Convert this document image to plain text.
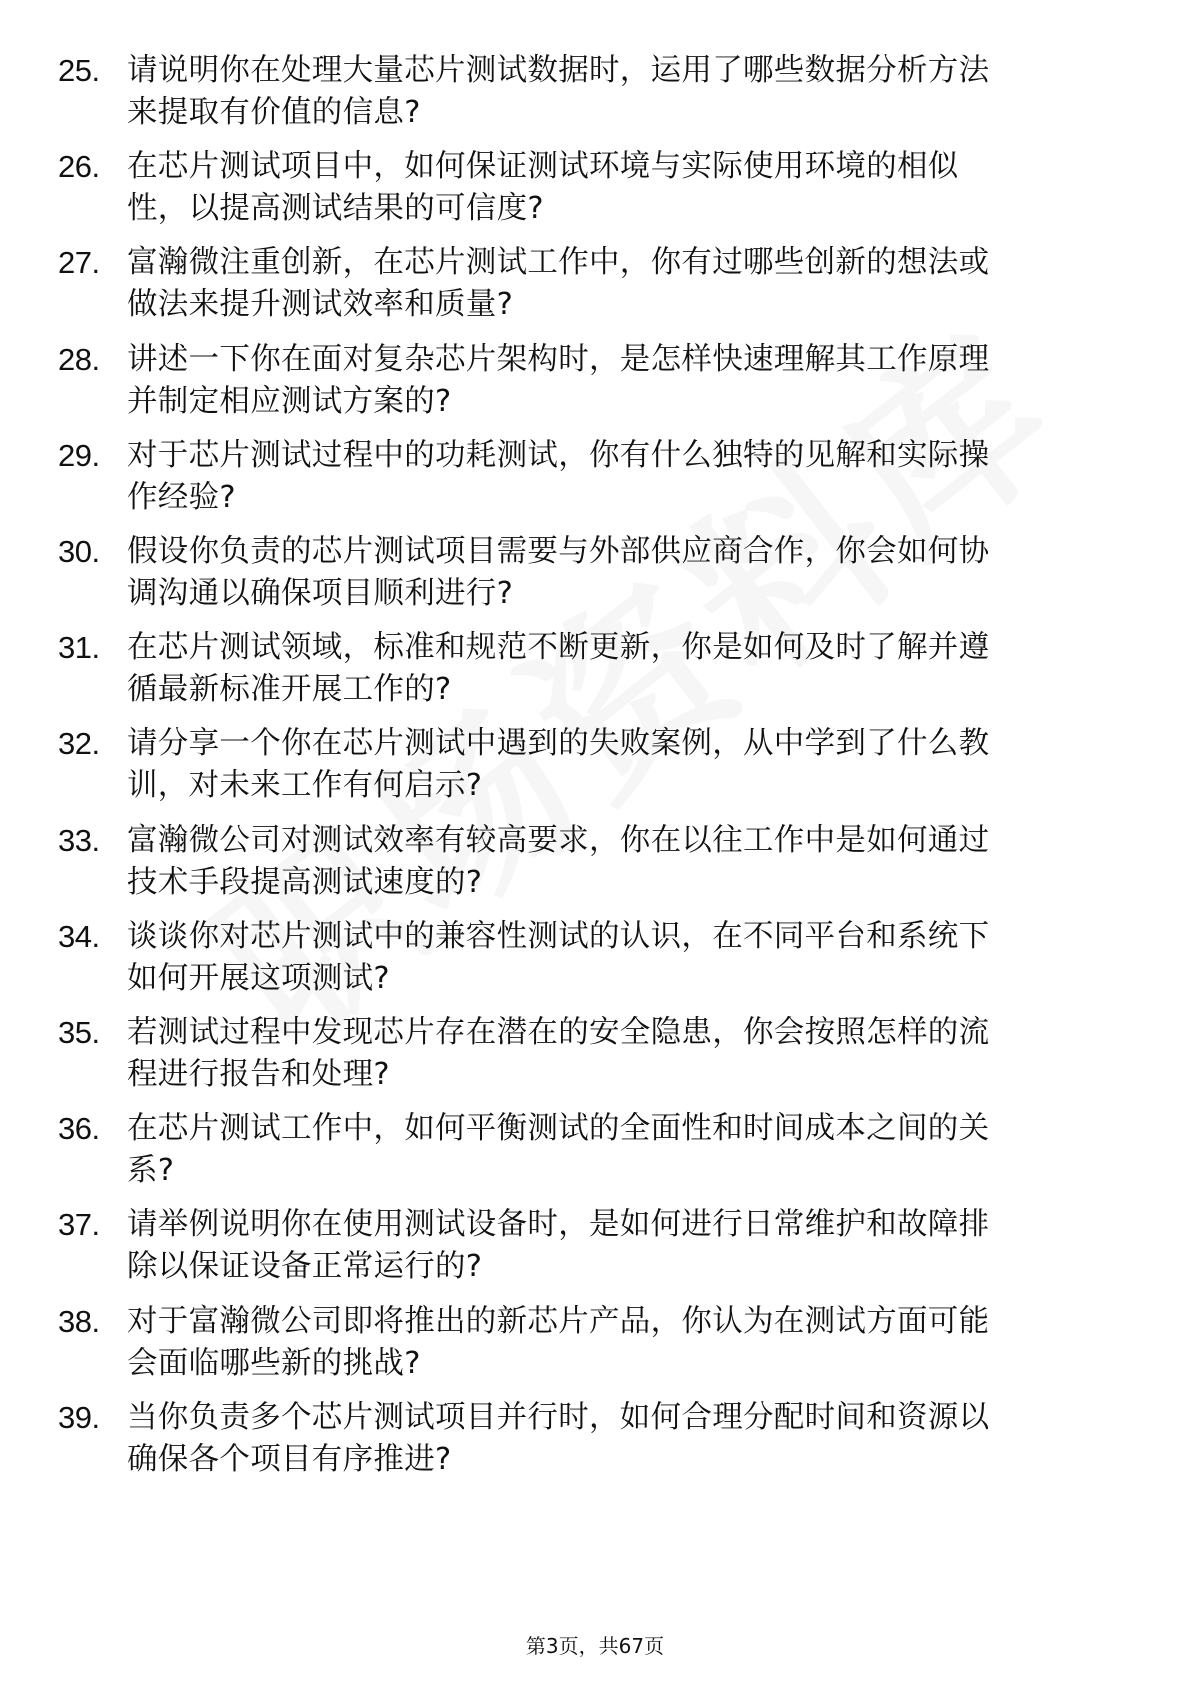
25. 请说明你在处理大量芯片测试数据时，运用了哪些数据分析方法
来提取有价值的信息?
26. 在芯片测试项目中，如何保证测试环境与实际使用环境的相似
性，以提高测试结果的可信度?
27. 富瀚微注重创新，在芯片测试工作中，你有过哪些创新的想法或
做法来提升测试效率和质量?
28. 讲述一下你在面对复杂芯片架构时，是怎样快速理解其工作原理
并制定相应测试方案的?
29. 对于芯片测试过程中的功耗测试，你有什么独特的见解和实际操
作经验?
30. 假设你负责的芯片测试项目需要与外部供应商合作，你会如何协
调沟通以确保项目顺利进行?
31. 在芯片测试领域，标准和规范不断更新，你是如何及时了解并遵
循最新标准开展工作的?
32. 请分享一个你在芯片测试中遇到的失败案例，从中学到了什么教
训，对未来工作有何启示?
33. 富瀚微公司对测试效率有较高要求，你在以往工作中是如何通过
技术手段提高测试速度的?
34. 谈谈你对芯片测试中的兼容性测试的认识，在不同平台和系统下
如何开展这项测试?
35. 若测试过程中发现芯片存在潜在的安全隐患，你会按照怎样的流
程进行报告和处理?
36. 在芯片测试工作中，如何平衡测试的全面性和时间成本之间的关
系?
37. 请举例说明你在使用测试设备时，是如何进行日常维护和故障排
除以保证设备正常运行的?
38. 对于富瀚微公司即将推出的新芯片产品，你认为在测试方面可能
会面临哪些新的挑战?
39. 当你负责多个芯片测试项目并行时，如何合理分配时间和资源以
确保各个项目有序推进?
第3页，共67页
